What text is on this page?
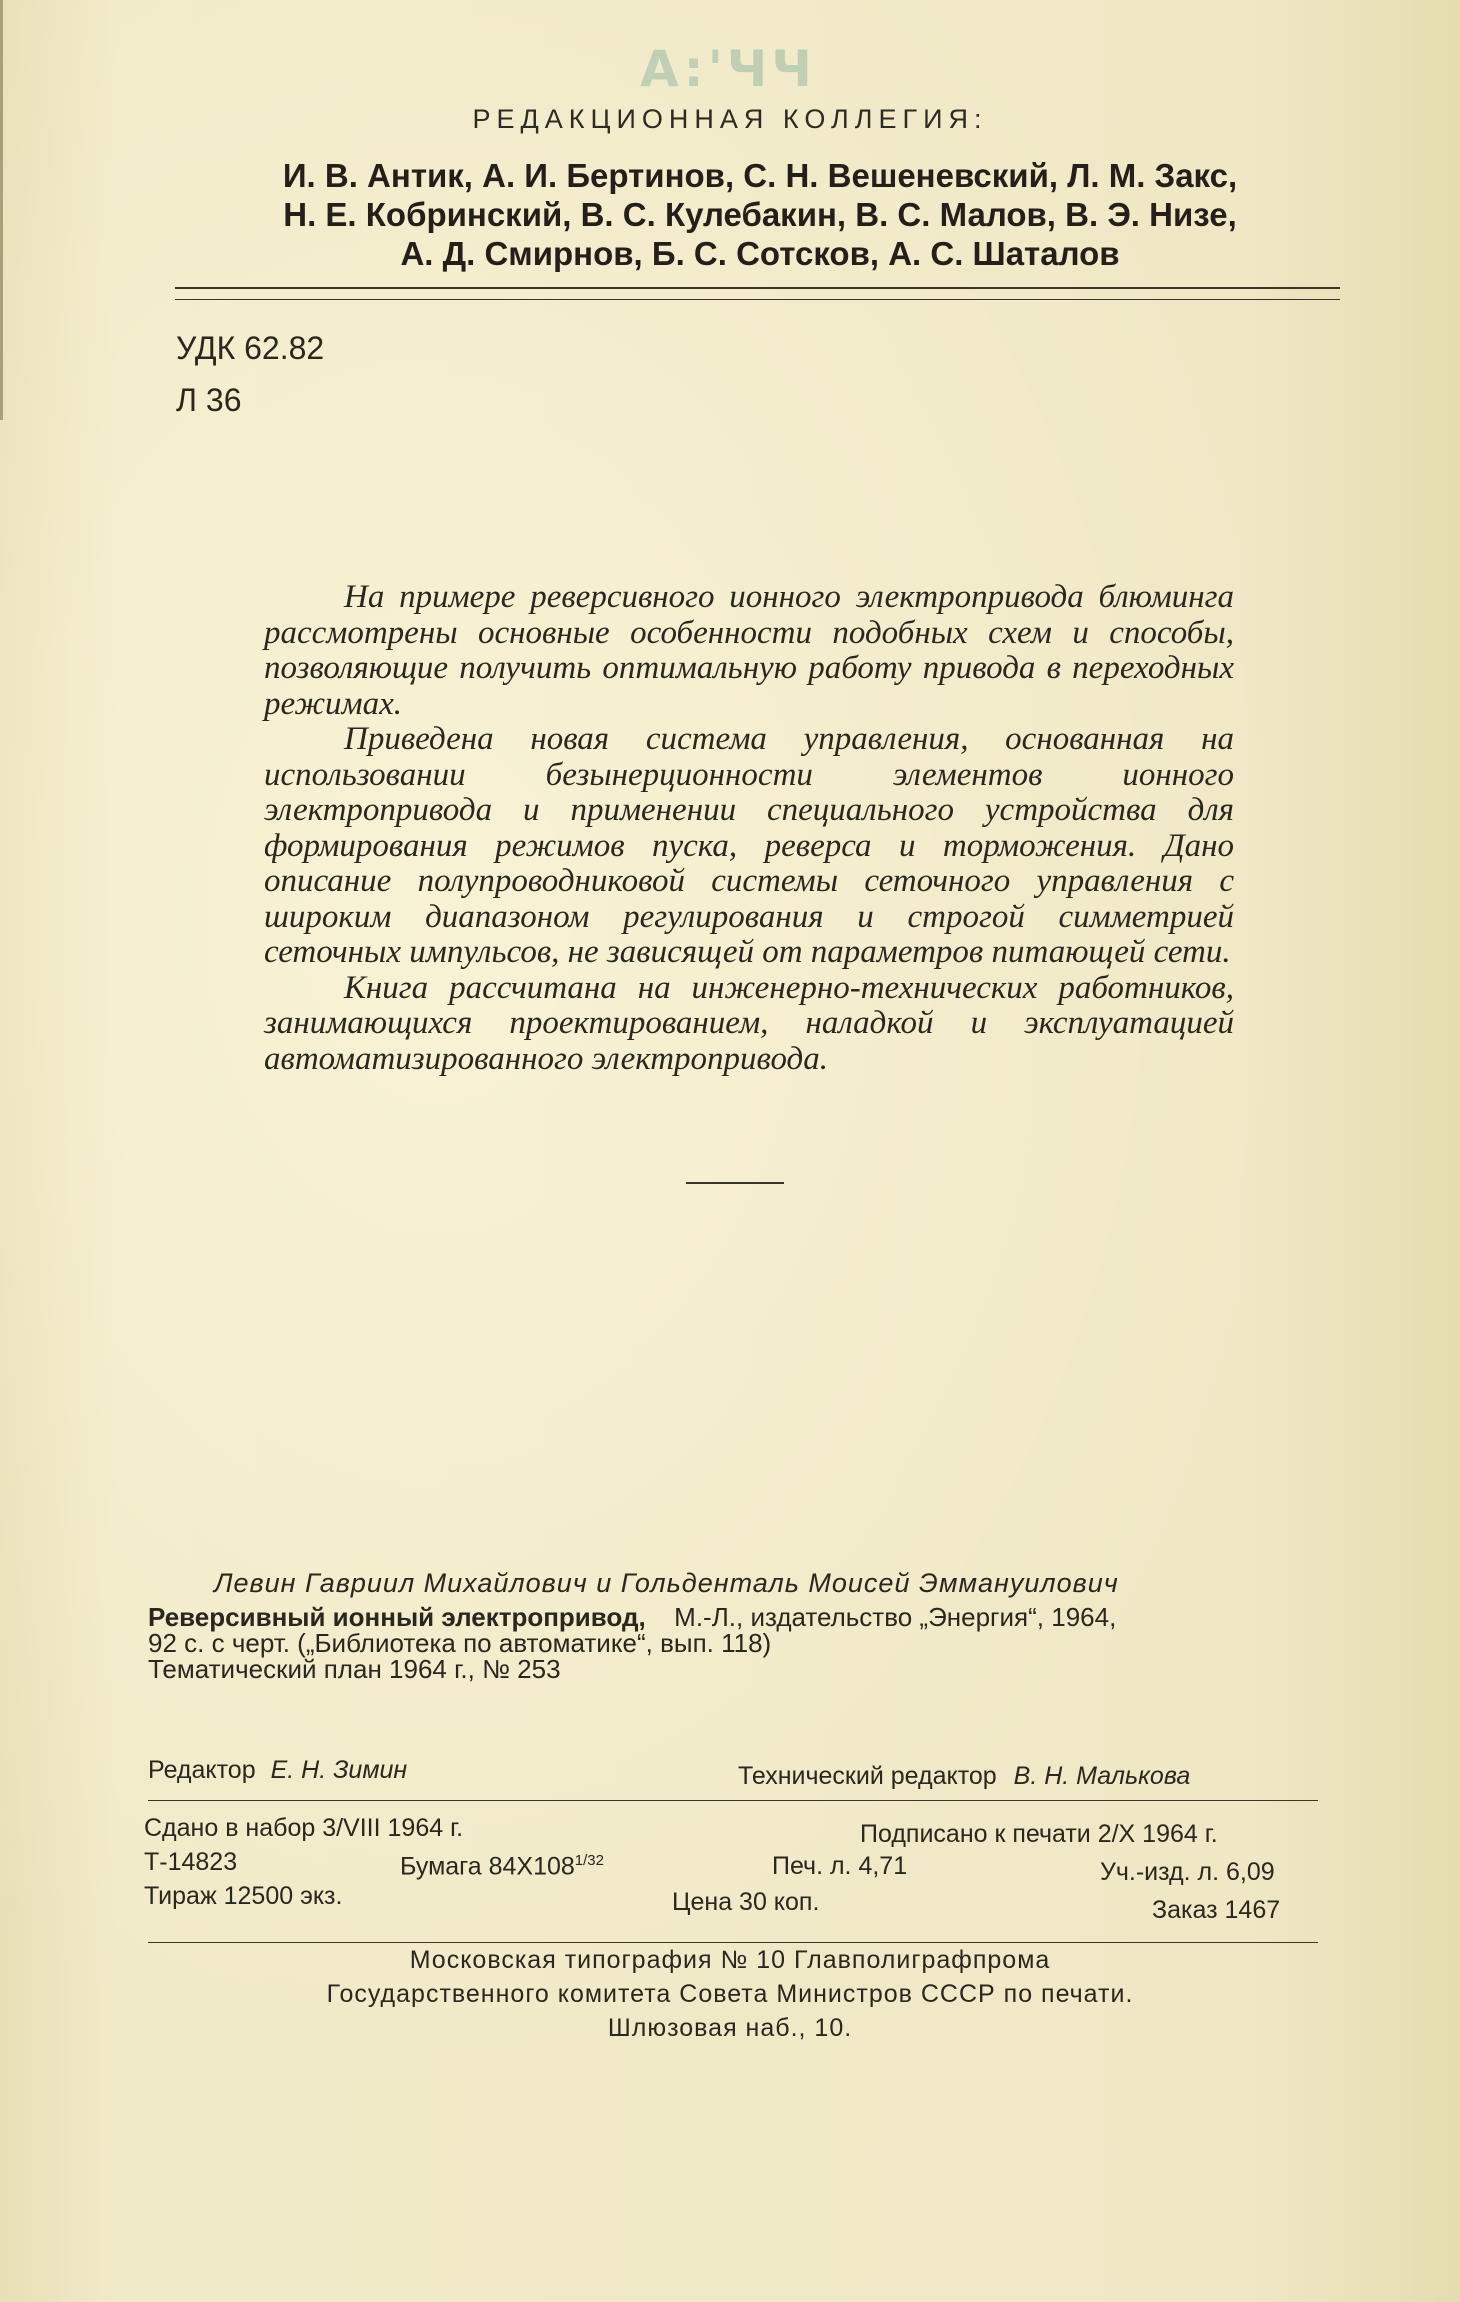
A:'ЧЧ
РЕДАКЦИОННАЯ КОЛЛЕГИЯ:
И. В. Антик, А. И. Бертинов, С. Н. Вешеневский, Л. М. Закс,
Н. Е. Кобринский, В. С. Кулебакин, В. С. Малов, В. Э. Низе,
А. Д. Смирнов, Б. С. Сотсков, А. С. Шаталов
УДК 62.82
Л 36

На примере реверсивного ионного электропривода блюминга рассмотрены основные особенности подобных схем и способы, позволяющие получить оптимальную работу привода в переходных режимах.

Приведена новая система управления, основанная на использовании безынерционности элементов ионного электропривода и применении специального устройства для формирования режимов пуска, реверса и торможения. Дано описание полупроводниковой системы сеточного управления с широким диапазоном регулирования и строгой симметрией сеточных импульсов, не зависящей от параметров питающей сети.

Книга рассчитана на инженерно-технических работников, занимающихся проектированием, наладкой и эксплуатацией автоматизированного электропривода.

Левин Гавриил Михайлович и Гольденталь Моисей Эммануилович
Реверсивный ионный электропривод, М.-Л., издательство „Энергия“, 1964,
92 с. с черт. („Библиотека по автоматике“, вып. 118)
Тематический план 1964 г., № 253
Редактор Е. Н. Зимин	Технический редактор В. Н. Малькова
Сдано в набор 3/VIII 1964 г.	Подписано к печати 2/X 1964 г.
Т-14823	Бумага $84Х108^{1/32}$	Печ. л. 4,71	Уч.-изд. л. 6,09
Тираж 12500 экз.	Цена 30 коп.	Заказ 1467
Московская типография № 10 Главполиграфпрома
Государственного комитета Совета Министров СССР по печати.
Шлюзовая наб., 10.
